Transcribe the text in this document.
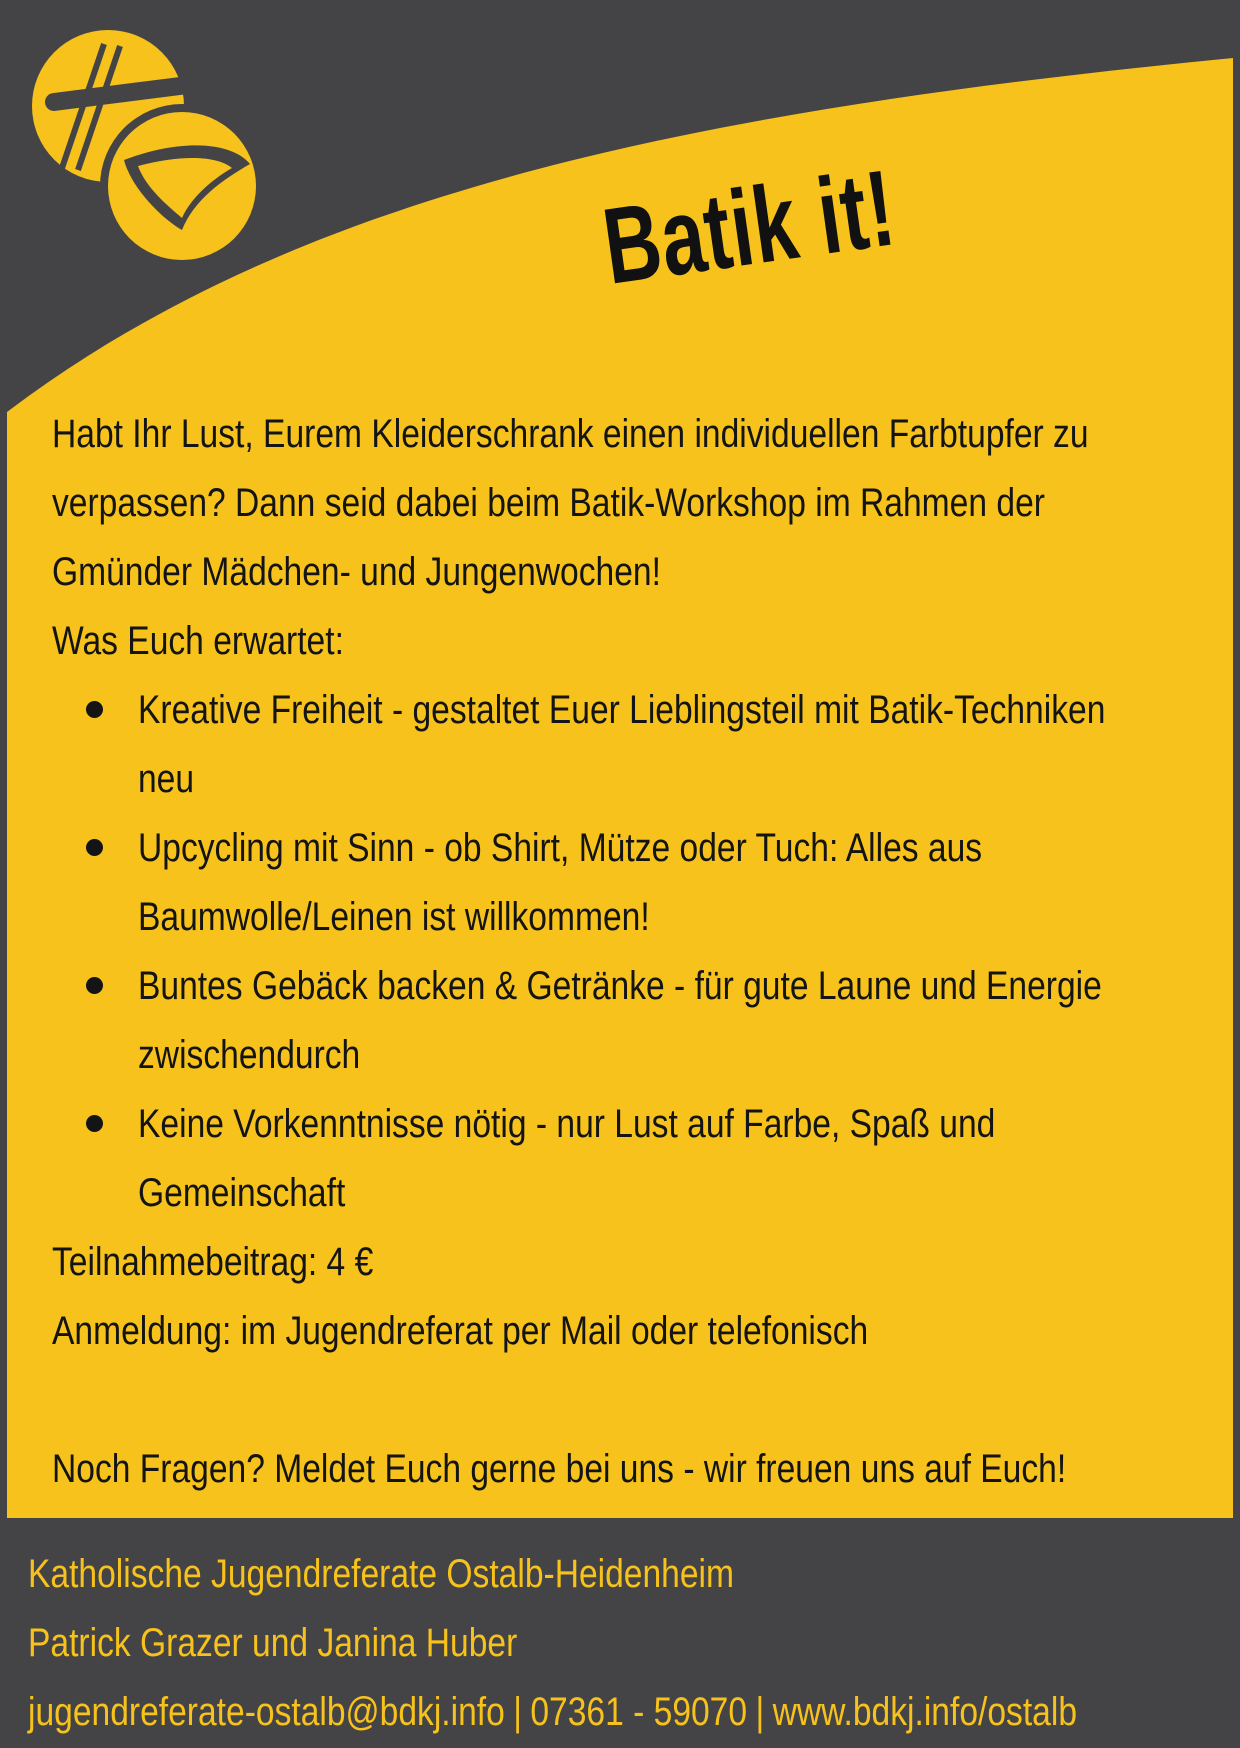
Batik it!

Habt Ihr Lust, Eurem Kleiderschrank einen individuellen Farbtupfer zu

verpassen? Dann seid dabei beim Batik-Workshop im Rahmen der

Gmünder Mädchen- und Jungenwochen!

Was Euch erwartet:

Kreative Freiheit - gestaltet Euer Lieblingsteil mit Batik-Techniken
neu
Upcycling mit Sinn - ob Shirt, Mütze oder Tuch: Alles aus
Baumwolle/Leinen ist willkommen!
Buntes Gebäck backen & Getränke - für gute Laune und Energie
zwischendurch
Keine Vorkenntnisse nötig - nur Lust auf Farbe, Spaß und
Gemeinschaft

Teilnahmebeitrag: 4 €

Anmeldung: im Jugendreferat per Mail oder telefonisch

Noch Fragen? Meldet Euch gerne bei uns - wir freuen uns auf Euch!

Katholische Jugendreferate Ostalb-Heidenheim

Patrick Grazer und Janina Huber

jugendreferate-ostalb@bdkj.info | 07361 - 59070 | www.bdkj.info/ostalb
